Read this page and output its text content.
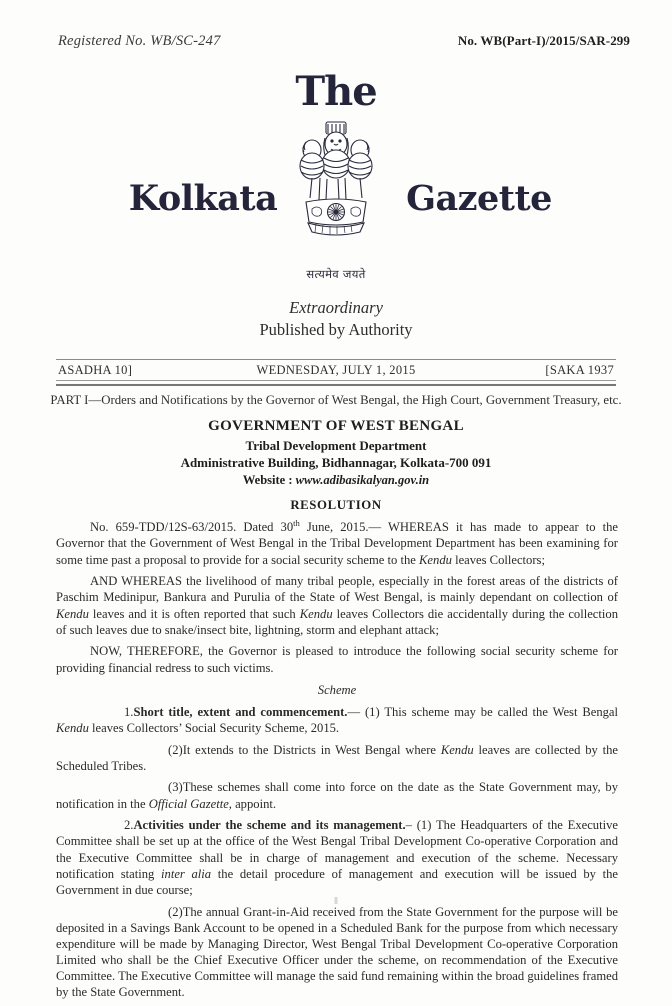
Registered No. WB/SC-247	No. WB(Part-I)/2015/SAR-299
The
Kolkata	Gazette
सत्यमेव जयते
Extraordinary
Published by Authority
ASADHA 10]	WEDNESDAY, JULY 1, 2015	[SAKA 1937
PART I—Orders and Notifications by the Governor of West Bengal, the High Court, Government Treasury, etc.
GOVERNMENT OF WEST BENGAL
Tribal Development Department
Administrative Building, Bidhannagar, Kolkata-700 091
Website : www.adibasikalyan.gov.in
RESOLUTION

No. 659-TDD/12S-63/2015. Dated 30th June, 2015.— WHEREAS it has made to appear to the Governor that the Government of West Bengal in the Tribal Development Department has been examining for some time past a proposal to provide for a social security scheme to the Kendu leaves Collectors;

AND WHEREAS the livelihood of many tribal people, especially in the forest areas of the districts of Paschim Medinipur, Bankura and Purulia of the State of West Bengal, is mainly dependant on collection of Kendu leaves and it is often reported that such Kendu leaves Collectors die accidentally during the collection of such leaves due to snake/insect bite, lightning, storm and elephant attack;

NOW, THEREFORE, the Governor is pleased to introduce the following social security scheme for providing financial redress to such victims.

Scheme

1.Short title, extent and commencement.— (1) This scheme may be called the West Bengal Kendu leaves Collectors’ Social Security Scheme, 2015.

(2)It extends to the Districts in West Bengal where Kendu leaves are collected by the Scheduled Tribes.

(3)These schemes shall come into force on the date as the State Government may, by notification in the Official Gazette, appoint.

2.Activities under the scheme and its management.– (1) The Headquarters of the Executive Committee shall be set up at the office of the West Bengal Tribal Development Co-operative Corporation and the Executive Committee shall be in charge of management and execution of the scheme. Necessary notification stating inter alia the detail procedure of management and execution will be issued by the Government in due course;

(2)The annual Grant-in-Aid received from the State Government for the purpose will be deposited in a Savings Bank Account to be opened in a Scheduled Bank for the purpose from which necessary expenditure will be made by Managing Director, West Bengal Tribal Development Co-operative Corporation Limited who shall be the Chief Executive Officer under the scheme, on recommendation of the Executive Committee. The Executive Committee will manage the said fund remaining within the broad guidelines framed by the State Government.
